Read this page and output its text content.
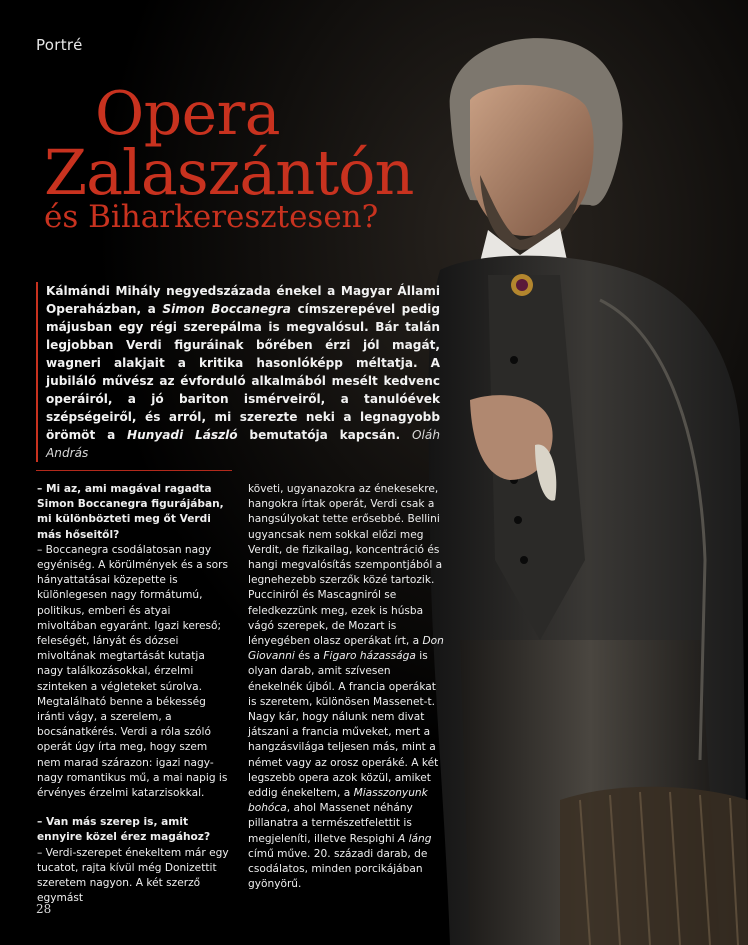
Portré
Opera
Zalaszántón
és Biharkeresztesen?
Kálmándi Mihály negyedszázada énekel a Magyar Állami Operaházban, a Simon Boccanegra címszerepével pedig májusban egy régi szerepálma is megvalósul. Bár talán legjobban Verdi figuráinak bőrében érzi jól magát, wagneri alakjait a kritika hasonlóképp méltatja. A jubiláló művész az évforduló alkalmából mesélt kedvenc operáiról, a jó bariton ismérveiről, a tanulóévek szépségeiről, és arról, mi szerezte neki a legnagyobb örömöt a Hunyadi László bemutatója kapcsán. Oláh András

– Mi az, ami magával ragadta Simon Boccanegra figurájában, mi különbözteti meg őt Verdi más hőseitől?

– Boccanegra csodálatosan nagy egyéniség. A körülmények és a sors hányattatásai közepette is különlegesen nagy formátumú, politikus, emberi és atyai mivoltában egyaránt. Igazi kereső; feleségét, lányát és dózsei mivoltának megtartását kutatja nagy találkozásokkal, érzelmi szinteken a végleteket súrolva. Megtalálható benne a békesség iránti vágy, a szerelem, a bocsánatkérés. Verdi a róla szóló operát úgy írta meg, hogy szem nem marad szárazon: igazi nagy-nagy romantikus mű, a mai napig is érvényes érzelmi katarzisokkal.

– Van más szerep is, amit ennyire közel érez magához?

– Verdi-szerepet énekeltem már egy tucatot, rajta kívül még Donizettit szeretem nagyon. A két szerző egymást

követi, ugyanazokra az énekesekre, hangokra írtak operát, Verdi csak a hangsúlyokat tette erősebbé. Bellini ugyancsak nem sokkal előzi meg Verdit, de fizikailag, koncentráció és hangi megvalósítás szempontjából a legnehezebb szerzők közé tartozik. Pucciniról és Mascagniról se feledkezzünk meg, ezek is húsba vágó szerepek, de Mozart is lényegében olasz operákat írt, a Don Giovanni és a Figaro házassága is olyan darab, amit szívesen énekelnék újból. A francia operákat is szeretem, különösen Massenet-t. Nagy kár, hogy nálunk nem divat játszani a francia műveket, mert a hangzásvilága teljesen más, mint a német vagy az orosz operáké. A két legszebb opera azok közül, amiket eddig énekeltem, a Miasszonyunk bohóca, ahol Massenet néhány pillanatra a természetfelettit is megjeleníti, illetve Respighi A láng című műve. 20. századi darab, de csodálatos, minden porcikájában gyönyörű.

28
